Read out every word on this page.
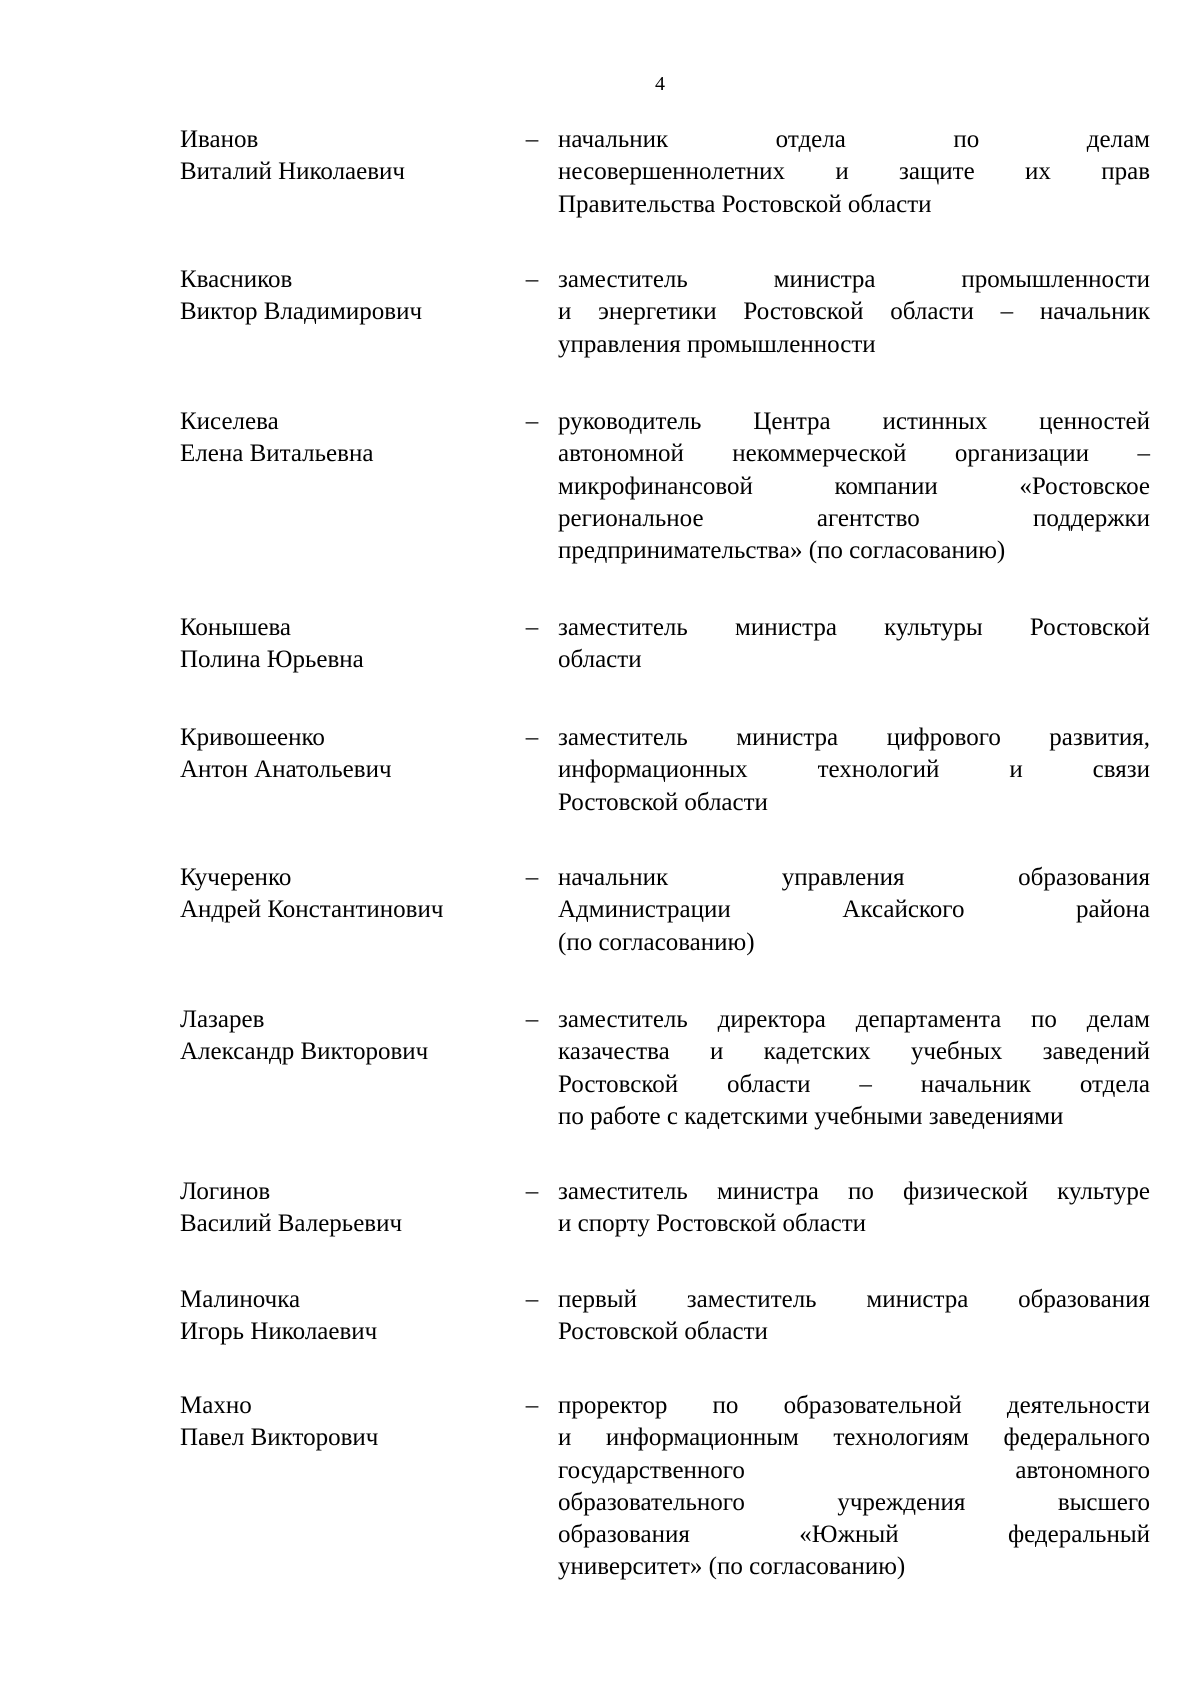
4
Иванов
Виталий Николаевич
– начальник отдела по делам
несовершеннолетних и защите их прав
Правительства Ростовской области
Квасников
Виктор Владимирович
– заместитель министра промышленности
и энергетики Ростовской области – начальник
управления промышленности
Киселева
Елена Витальевна
– руководитель Центра истинных ценностей
автономной некоммерческой организации –
микрофинансовой компании «Ростовское
региональное агентство поддержки
предпринимательства» (по согласованию)
Конышева
Полина Юрьевна
– заместитель министра культуры Ростовской
области
Кривошеенко
Антон Анатольевич
– заместитель министра цифрового развития,
информационных технологий и связи
Ростовской области
Кучеренко
Андрей Константинович
– начальник управления образования
Администрации Аксайского района
(по согласованию)
Лазарев
Александр Викторович
– заместитель директора департамента по делам
казачества и кадетских учебных заведений
Ростовской области – начальник отдела
по работе с кадетскими учебными заведениями
Логинов
Василий Валерьевич
– заместитель министра по физической культуре
и спорту Ростовской области
Малиночка
Игорь Николаевич
– первый заместитель министра образования
Ростовской области
Махно
Павел Викторович
– проректор по образовательной деятельности
и информационным технологиям федерального
государственного автономного
образовательного учреждения высшего
образования «Южный федеральный
университет» (по согласованию)
